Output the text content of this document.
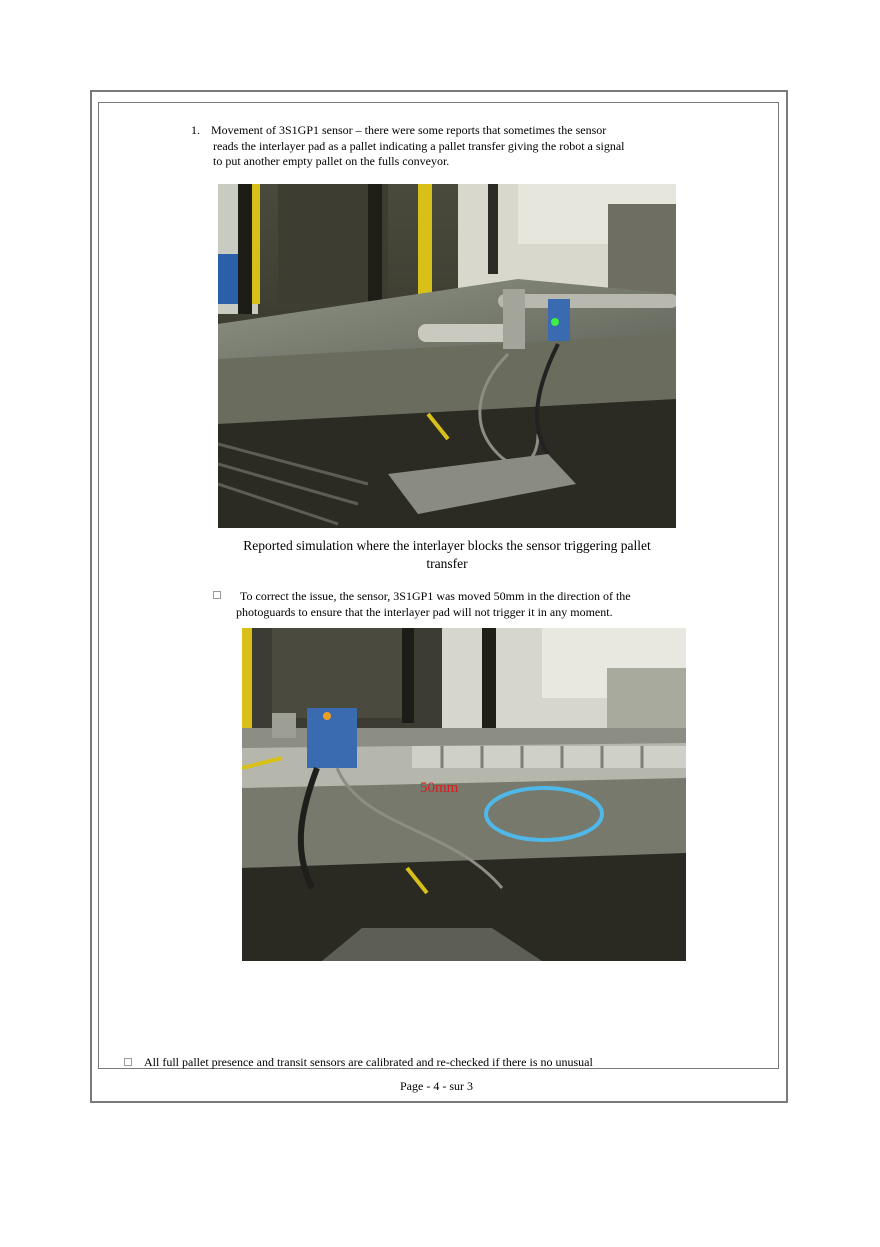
1. Movement of 3S1GP1 sensor – there were some reports that sometimes the sensor
reads the interlayer pad as a pallet indicating a pallet transfer giving the robot a signal
to put another empty pallet on the fulls conveyor.
Reported simulation where the interlayer blocks the sensor triggering pallet
transfer
To correct the issue, the sensor, 3S1GP1 was moved 50mm in the direction of the
photoguards to ensure that the interlayer pad will not trigger it in any moment.
50mm
All full pallet presence and transit sensors are calibrated and re-checked if there is no unusual
Page - 4 - sur 3
